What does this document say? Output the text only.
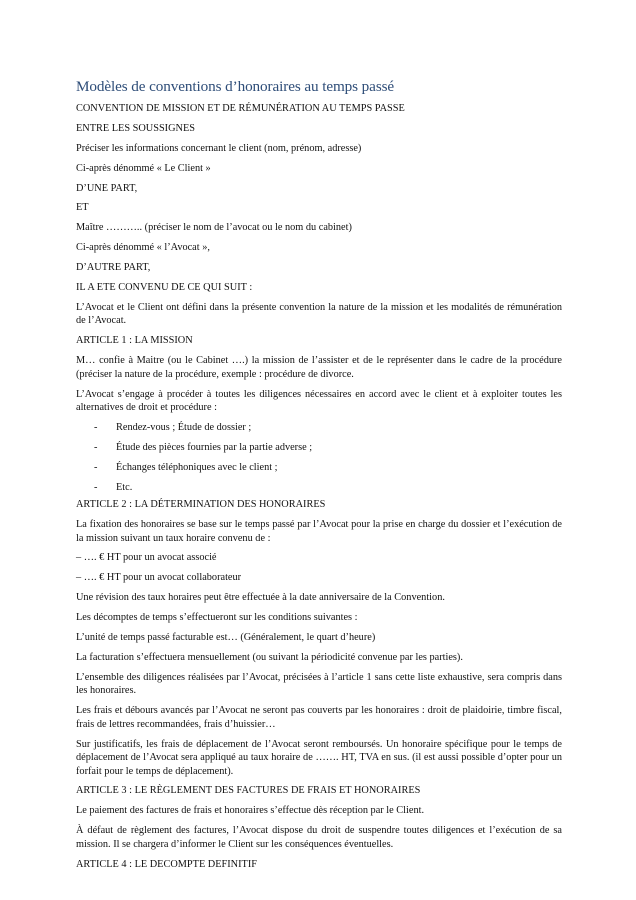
Modèles de conventions d’honoraires au temps passé

CONVENTION DE MISSION ET DE RÉMUNÉRATION AU TEMPS PASSE

ENTRE LES SOUSSIGNES

Préciser les informations concernant le client (nom, prénom, adresse)

Ci-après dénommé « Le Client »

D’UNE PART,

ET

Maître ……….. (préciser le nom de l’avocat ou le nom du cabinet)

Ci-après dénommé « l’Avocat »,

D’AUTRE PART,

IL A ETE CONVENU DE CE QUI SUIT :

L’Avocat et le Client ont défini dans la présente convention la nature de la mission et les modalités de rémunération de l’Avocat.

ARTICLE 1 : LA MISSION

M… confie à Maitre (ou le Cabinet ….) la mission de l’assister et de le représenter dans le cadre de la procédure (préciser la nature de la procédure, exemple : procédure de divorce.

L’Avocat s’engage à procéder à toutes les diligences nécessaires en accord avec le client et à exploiter toutes les alternatives de droit et procédure :

- Rendez-vous ; Étude de dossier ;
- Étude des pièces fournies par la partie adverse ;
- Échanges téléphoniques avec le client ;
- Etc.

ARTICLE 2 : LA DÉTERMINATION DES HONORAIRES

La fixation des honoraires se base sur le temps passé par l’Avocat pour la prise en charge du dossier et l’exécution de la mission suivant un taux horaire convenu de :

– …. € HT pour un avocat associé

– …. € HT pour un avocat collaborateur

Une révision des taux horaires peut être effectuée à la date anniversaire de la Convention.

Les décomptes de temps s’effectueront sur les conditions suivantes :

L’unité de temps passé facturable est… (Généralement, le quart d’heure)

La facturation s’effectuera mensuellement (ou suivant la périodicité convenue par les parties).

L’ensemble des diligences réalisées par l’Avocat, précisées à l’article 1 sans cette liste exhaustive, sera compris dans les honoraires.

Les frais et débours avancés par l’Avocat ne seront pas couverts par les honoraires : droit de plaidoirie, timbre fiscal, frais de lettres recommandées, frais d’huissier…

Sur justificatifs, les frais de déplacement de l’Avocat seront remboursés. Un honoraire spécifique pour le temps de déplacement de l’Avocat sera appliqué au taux horaire de ……. HT, TVA en sus. (il est aussi possible d’opter pour un forfait pour le temps de déplacement).

ARTICLE 3 : LE RÈGLEMENT DES FACTURES DE FRAIS ET HONORAIRES

Le paiement des factures de frais et honoraires s’effectue dès réception par le Client.

À défaut de règlement des factures, l’Avocat dispose du droit de suspendre toutes diligences et l’exécution de sa mission. Il se chargera d’informer le Client sur les conséquences éventuelles.

ARTICLE 4 : LE DECOMPTE DEFINITIF
